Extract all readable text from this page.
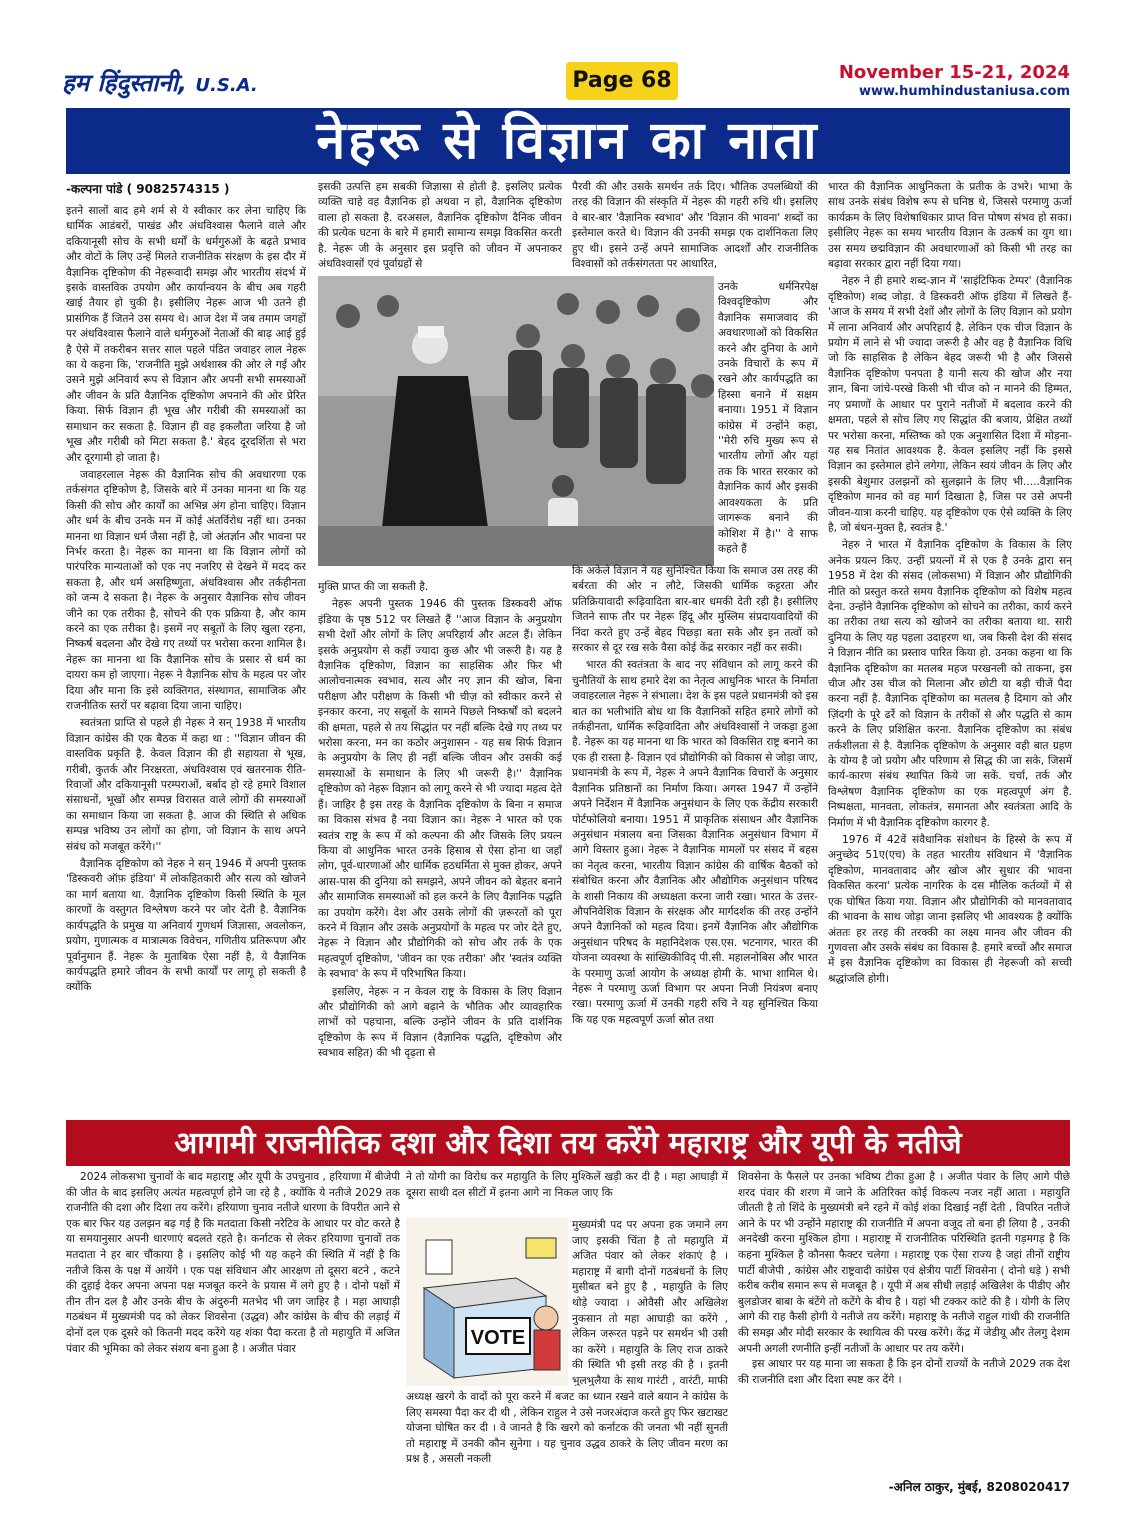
हम हिंदुस्तानी, U.S.A.	Page 68	November 15-21, 2024
www.humhindustaniusa.com
नेहरू से विज्ञान का नाता
-कल्पना पांडे ( 9082574315 )

इतने सालों बाद हमे शर्म से ये स्वीकार कर लेना चाहिए कि धार्मिक आडंबरों, पाखंड और अंधविश्वास फैलाने वाले और दकियानूसी सोच के सभी धर्मों के धर्मगुरुओं के बढ़ते प्रभाव और वोटों के लिए उन्हें मिलते राजनीतिक संरक्षण के इस दौर में वैज्ञानिक दृष्टिकोण की नेहरूवादी समझ और भारतीय संदर्भ में इसके वास्तविक उपयोग और कार्यान्वयन के बीच अब गहरी खाई तैयार हो चुकी है। इसीलिए नेहरू आज भी उतने ही प्रासंगिक हैं जितने उस समय थे। आज देश में जब तमाम जगहों पर अंधविश्वास फैलाने वाले धर्मगुरुओं नेताओं की बाढ़ आई हुई है ऐसे में तकरीबन सत्तर साल पहले पंडित जवाहर लाल नेहरू का ये कहना कि, 'राजनीति मुझे अर्थशास्त्र की ओर ले गई और उसने मुझे अनिवार्य रूप से विज्ञान और अपनी सभी समस्याओं और जीवन के प्रति वैज्ञानिक दृष्टिकोण अपनाने की ओर प्रेरित किया. सिर्फ विज्ञान ही भूख और गरीबी की समस्याओं का समाधान कर सकता है. विज्ञान ही वह इकलौता जरिया है जो भूख और गरीबी को मिटा सकता है.' बेहद दूरदर्शिता से भरा और दूरगामी हो जाता है।

जवाहरलाल नेहरू की वैज्ञानिक सोच की अवधारणा एक तर्कसंगत दृष्टिकोण है, जिसके बारे में उनका मानना था कि यह किसी की सोच और कार्यों का अभिन्न अंग होना चाहिए। विज्ञान और धर्म के बीच उनके मन में कोई अंतर्विरोध नहीं था। उनका मानना था विज्ञान धर्म जैसा नहीं है, जो अंतर्ज्ञान और भावना पर निर्भर करता है। नेहरू का मानना था कि विज्ञान लोगों को पारंपरिक मान्यताओं को एक नए नजरिए से देखने में मदद कर सकता है, और धर्म असहिष्णुता, अंधविश्वास और तर्कहीनता को जन्म दे सकता है। नेहरू के अनुसार वैज्ञानिक सोच जीवन जीने का एक तरीका है, सोचने की एक प्रक्रिया है, और काम करने का एक तरीका है। इसमें नए सबूतों के लिए खुला रहना, निष्कर्ष बदलना और देखे गए तथ्यों पर भरोसा करना शामिल है। नेहरू का मानना था कि वैज्ञानिक सोच के प्रसार से धर्म का दायरा कम हो जाएगा। नेहरू ने वैज्ञानिक सोच के महत्व पर जोर दिया और माना कि इसे व्यक्तिगत, संस्थागत, सामाजिक और राजनीतिक स्तरों पर बढ़ावा दिया जाना चाहिए।

स्वतंत्रता प्राप्ति से पहले ही नेहरू ने सन् 1938 में भारतीय विज्ञान कांग्रेस की एक बैठक में कहा था : ''विज्ञान जीवन की वास्तविक प्रकृति है. केवल विज्ञान की ही सहायता से भूख, गरीबी, कुतर्क और निरक्षरता, अंधविश्वास एवं खतरनाक रीति-रिवाजों और दकियानूसी परम्पराओं, बर्बाद हो रहे हमारे विशाल संसाधनों, भूखों और सम्पन्न विरासत वाले लोगों की समस्याओं का समाधान किया जा सकता है. आज की स्थिति से अधिक सम्पन्न भविष्य उन लोगों का होगा, जो विज्ञान के साथ अपने संबंध को मजबूत करेंगे।''

वैज्ञानिक दृष्टिकोण को नेहरु ने सन् 1946 में अपनी पुस्तक 'डिस्कवरी ऑफ़ इंडिया' में लोकहितकारी और सत्य को खोजने का मार्ग बताया था. वैज्ञानिक दृष्टिकोण किसी स्थिति के मूल कारणों के वस्तुगत विश्लेषण करने पर जोर देती है. वैज्ञानिक कार्यपद्धति के प्रमुख या अनिवार्य गुणधर्म जिज्ञासा, अवलोकन, प्रयोग, गुणात्मक व मात्रात्मक विवेचन, गणितीय प्रतिरूपण और पूर्वानुमान हैं. नेहरू के मुताबिक ऐसा नहीं है, ये वैज्ञानिक कार्यपद्धति हमारे जीवन के सभी कार्यों पर लागू हो सकती है क्योंकि

इसकी उत्पत्ति हम सबकी जिज्ञासा से होती है. इसलिए प्रत्येक व्यक्ति चाहे वह वैज्ञानिक हो अथवा न हो, वैज्ञानिक दृष्टिकोण वाला हो सकता है. दरअसल, वैज्ञानिक दृष्टिकोण दैनिक जीवन की प्रत्येक घटना के बारे में हमारी सामान्य समझ विकसित करती है. नेहरू जी के अनुसार इस प्रवृत्ति को जीवन में अपनाकर अंधविश्वासों एवं पूर्वाग्रहों से

मुक्ति प्राप्त की जा सकती है.

नेहरू अपनी पुस्तक 1946 की पुस्तक डिस्कवरी ऑफ इंडिया के पृष्ठ 512 पर लिखते हैं ''आज विज्ञान के अनुप्रयोग सभी देशों और लोगों के लिए अपरिहार्य और अटल हैं। लेकिन इसके अनुप्रयोग से कहीं ज्यादा कुछ और भी जरूरी है। यह है वैज्ञानिक दृष्टिकोण, विज्ञान का साहसिक और फिर भी आलोचनात्मक स्वभाव, सत्य और नए ज्ञान की खोज, बिना परीक्षण और परीक्षण के किसी भी चीज़ को स्वीकार करने से इनकार करना, नए सबूतों के सामने पिछले निष्कर्षों को बदलने की क्षमता, पहले से तय सिद्धांत पर नहीं बल्कि देखे गए तथ्य पर भरोसा करना, मन का कठोर अनुशासन - यह सब सिर्फ विज्ञान के अनुप्रयोग के लिए ही नहीं बल्कि जीवन और उसकी कई समस्याओं के समाधान के लिए भी जरूरी है।'' वैज्ञानिक दृष्टिकोण को नेहरू विज्ञान को लागू करने से भी ज्यादा महत्व देते हैं। जाहिर है इस तरह के वैज्ञानिक दृष्टिकोण के बिना न समाज का विकास संभव है नया विज्ञान का। नेहरू ने भारत को एक स्वतंत्र राष्ट्र के रूप में को कल्पना की और जिसके लिए प्रयत्न किया वो आधुनिक भारत उनके हिसाब से ऐसा होना था जहाँ लोग, पूर्व-धारणाओं और धार्मिक हठधर्मिता से मुक्त होकर, अपने आस-पास की दुनिया को समझने, अपने जीवन को बेहतर बनाने और सामाजिक समस्याओं को हल करने के लिए वैज्ञानिक पद्धति का उपयोग करेंगे। देश और उसके लोगों की ज़रूरतों को पूरा करने में विज्ञान और उसके अनुप्रयोगों के महत्व पर जोर देते हुए, नेहरू ने विज्ञान और प्रौद्योगिकी को सोच और तर्क के एक महत्वपूर्ण दृष्टिकोण, 'जीवन का एक तरीका' और 'स्वतंत्र व्यक्ति के स्वभाव' के रूप में परिभाषित किया।

इसलिए, नेहरू न न केवल राष्ट्र के विकास के लिए विज्ञान और प्रौद्योगिकी को आगे बढ़ाने के भौतिक और व्यावहारिक लाभों को पहचाना, बल्कि उन्होंने जीवन के प्रति दार्शनिक दृष्टिकोण के रूप में विज्ञान (वैज्ञानिक पद्धति, दृष्टिकोण और स्वभाव सहित) की भी दृढ़ता से

पैरवी की और उसके समर्थन तर्क दिए। भौतिक उपलब्धियों की तरह की विज्ञान की संस्कृति में नेहरू की गहरी रुचि थी। इसलिए वे बार-बार 'वैज्ञानिक स्वभाव' और 'विज्ञान की भावना' शब्दों का इस्तेमाल करते थे। विज्ञान की उनकी समझ एक दार्शनिकता लिए हुए थी। इसने उन्हें अपने सामाजिक आदर्शों और राजनीतिक विश्वासों को तर्कसंगतता पर आधारित,

उनके धर्मनिरपेक्ष विश्वदृष्टिकोण और वैज्ञानिक समाजवाद की अवधारणाओं को विकसित करने और दुनिया के आगे उनके विचारों के रूप में रखने और कार्यपद्धति का हिस्सा बनाने में सक्षम बनाया। 1951 में विज्ञान कांग्रेस में उन्होंने कहा, ''मेरी रुचि मुख्य रूप से भारतीय लोगों और यहां तक कि भारत सरकार को वैज्ञानिक कार्य और इसकी आवश्यकता के प्रति जागरूक बनाने की कोशिश में है।'' वे साफ कहते हैं

कि अकेले विज्ञान ने यह सुनिश्चित किया कि समाज उस तरह की बर्बरता की ओर न लौटे, जिसकी धार्मिक कट्टरता और प्रतिक्रियावादी रूढ़िवादिता बार-बार धमकी देती रही है। इसीलिए जितने साफ तौर पर नेहरू हिंदू और मुस्लिम संप्रदायवादियों की निंदा करते हुए उन्हें बेहद पिछड़ा बता सके और इन तत्वों को सरकार से दूर रख सके वैसा कोई केंद्र सरकार नहीं कर सकी।

भारत की स्वतंत्रता के बाद नए संविधान को लागू करने की चुनौतियों के साथ हमारे देश का नेतृत्व आधुनिक भारत के निर्माता जवाहरलाल नेहरू ने संभाला। देश के इस पहले प्रधानमंत्री को इस बात का भलीभांति बोध था कि वैज्ञानिकों सहित हमारे लोगों को तर्कहीनता, धार्मिक रूढ़िवादिता और अंधविश्वासों ने जकड़ा हुआ है. नेहरू का यह मानना था कि भारत को विकसित राष्ट्र बनाने का एक ही रास्ता है- विज्ञान एवं प्रौद्योगिकी को विकास से जोड़ा जाए, प्रधानमंत्री के रूप में, नेहरू ने अपने वैज्ञानिक विचारों के अनुसार वैज्ञानिक प्रतिष्ठानों का निर्माण किया। अगस्त 1947 में उन्होंने अपने निर्देशन में वैज्ञानिक अनुसंधान के लिए एक केंद्रीय सरकारी पोर्टफोलियो बनाया। 1951 में प्राकृतिक संसाधन और वैज्ञानिक अनुसंधान मंत्रालय बना जिसका वैज्ञानिक अनुसंधान विभाग में आगे विस्तार हुआ। नेहरू ने वैज्ञानिक मामलों पर संसद में बहस का नेतृत्व करना, भारतीय विज्ञान कांग्रेस की वार्षिक बैठकों को संबोधित करना और वैज्ञानिक और औद्योगिक अनुसंधान परिषद के शासी निकाय की अध्यक्षता करना जारी रखा। भारत के उत्तर-औपनिवेशिक विज्ञान के संरक्षक और मार्गदर्शक की तरह उन्होंने अपने वैज्ञानिकों को महत्व दिया। इनमें वैज्ञानिक और औद्योगिक अनुसंधान परिषद के महानिदेशक एस.एस. भटनागर, भारत की योजना व्यवस्था के सांख्यिकीविद् पी.सी. महालनोबिस और भारत के परमाणु ऊर्जा आयोग के अध्यक्ष होमी के. भाभा शामिल थे। नेहरू ने परमाणु ऊर्जा विभाग पर अपना निजी नियंत्रण बनाए रखा। परमाणु ऊर्जा में उनकी गहरी रुचि ने यह सुनिश्चित किया कि यह एक महत्वपूर्ण ऊर्जा स्रोत तथा

भारत की वैज्ञानिक आधुनिकता के प्रतीक के उभरे। भाभा के साथ उनके संबंध विशेष रूप से घनिष्ठ थे, जिससे परमाणु ऊर्जा कार्यक्रम के लिए विशेषाधिकार प्राप्त वित्त पोषण संभव हो सका। इसीलिए नेहरू का समय भारतीय विज्ञान के उत्कर्ष का युग था। उस समय छद्मविज्ञान की अवधारणाओं को किसी भी तरह का बढ़ावा सरकार द्वारा नहीं दिया गया।

नेहरु ने ही हमारे शब्द-ज्ञान में 'साइंटिफिक टेम्पर' (वैज्ञानिक दृष्टिकोण) शब्द जोड़ा. वे डिस्कवरी ऑफ इंडिया में लिखते हैं- 'आज के समय में सभी देशों और लोगों के लिए विज्ञान को प्रयोग में लाना अनिवार्य और अपरिहार्य है. लेकिन एक चीज विज्ञान के प्रयोग में लाने से भी ज्यादा जरूरी है और वह है वैज्ञानिक विधि जो कि साहसिक है लेकिन बेहद जरूरी भी है और जिससे वैज्ञानिक दृष्टिकोण पनपता है यानी सत्य की खोज और नया ज्ञान, बिना जांचे-परखे किसी भी चीज को न मानने की हिम्मत, नए प्रमाणों के आधार पर पुराने नतीजों में बदलाव करने की क्षमता, पहले से सोच लिए गए सिद्धांत की बजाय, प्रेक्षित तथ्यों पर भरोसा करना, मस्तिष्क को एक अनुशासित दिशा में मोड़ना- यह सब नितांत आवश्यक है. केवल इसलिए नहीं कि इससे विज्ञान का इस्तेमाल होने लगेगा, लेकिन स्वयं जीवन के लिए और इसकी बेशुमार उलझनों को सुलझाने के लिए भी.....वैज्ञानिक दृष्टिकोण मानव को वह मार्ग दिखाता है, जिस पर उसे अपनी जीवन-यात्रा करनी चाहिए. यह दृष्टिकोण एक ऐसे व्यक्ति के लिए है, जो बंधन-मुक्त है, स्वतंत्र है.'

नेहरु ने भारत में वैज्ञानिक दृष्टिकोण के विकास के लिए अनेक प्रयत्न किए. उन्हीं प्रयत्नों में से एक है उनके द्वारा सन् 1958 में देश की संसद (लोकसभा) में विज्ञान और प्रौद्योगिकी नीति को प्रस्तुत करते समय वैज्ञानिक दृष्टिकोण को विशेष महत्व देना. उन्होंने वैज्ञानिक दृष्टिकोण को सोचने का तरीका, कार्य करने का तरीका तथा सत्य को खोजने का तरीका बताया था. सारी दुनिया के लिए यह पहला उदाहरण था, जब किसी देश की संसद ने विज्ञान नीति का प्रस्ताव पारित किया हो. उनका कहना था कि वैज्ञानिक दृष्टिकोण का मतलब महज परखनली को ताकना, इस चीज और उस चीज को मिलाना और छोटी या बड़ी चीजें पैदा करना नहीं है. वैज्ञानिक दृष्टिकोण का मतलब है दिमाग को और ज़िंदगी के पूरे ढर्रे को विज्ञान के तरीकों से और पद्धति से काम करने के लिए प्रशिक्षित करना. वैज्ञानिक दृष्टिकोण का संबंध तर्कशीलता से है. वैज्ञानिक दृष्टिकोण के अनुसार वही बात ग्रहण के योग्य है जो प्रयोग और परिणाम से सिद्ध की जा सके, जिसमें कार्य-कारण संबंध स्थापित किये जा सकें. चर्चा, तर्क और विश्लेषण वैज्ञानिक दृष्टिकोण का एक महत्वपूर्ण अंग है. निष्पक्षता, मानवता, लोकतंत्र, समानता और स्वतंत्रता आदि के निर्माण में भी वैज्ञानिक दृष्टिकोण कारगर है.

1976 में 42वें संवैधानिक संशोधन के हिस्से के रूप में अनुच्छेद 51ए(एच) के तहत भारतीय संविधान में 'वैज्ञानिक दृष्टिकोण, मानवतावाद और खोज और सुधार की भावना विकसित करना' प्रत्येक नागरिक के दस मौलिक कर्तव्यों में से एक घोषित किया गया. विज्ञान और प्रौद्योगिकी को मानवतावाद की भावना के साथ जोड़ा जाना इसलिए भी आवश्यक है क्योंकि अंततः हर तरह की तरक्की का लक्ष्य मानव और जीवन की गुणवत्ता और उसके संबंध का विकास है. हमारे बच्चों और समाज में इस वैज्ञानिक दृष्टिकोण का विकास ही नेहरूजी को सच्ची श्रद्धांजलि होगी।

आगामी राजनीतिक दशा और दिशा तय करेंगे महाराष्ट्र और यूपी के नतीजे

2024 लोकसभा चुनावों के बाद महाराष्ट्र और यूपी के उपचुनाव , हरियाणा में बीजेपी की जीत के बाद इसलिए अत्यंत महत्वपूर्ण होने जा रहे है , क्योंकि ये नतीजे 2029 तक राजनीति की दशा और दिशा तय करेंगे। हरियाणा चुनाव नतीजे धारणा के विपरीत आने से एक बार फिर यह उलझन बढ़ गई है कि मतदाता किसी नरेटिव के आधार पर वोट करते है या समयानुसार अपनी धारणाएं बदलते रहते है। कर्नाटक से लेकर हरियाणा चुनावों तक मतदाता ने हर बार चौंकाया है । इसलिए कोई भी यह कहने की स्थिति में नहीं है कि नतीजे किस के पक्ष में आयेंगे । एक पक्ष संविधान और आरक्षण तो दूसरा बटने , कटने की दुहाई देकर अपना अपना पक्ष मजबूत करने के प्रयास में लगे हुए है । दोनो पक्षों में तीन तीन दल है और उनके बीच के अंदुरुनी मतभेद भी जग जाहिर है । महा आघाड़ी गठबंधन में मुख्यमंत्री पद को लेकर शिवसेना (उद्धव) और कांग्रेस के बीच की लड़ाई में दोनों दल एक दूसरे को कितनी मदद करेंगे यह शंका पैदा करता है तो महायुति में अजित पंवार की भूमिका को लेकर संशय बना हुआ है । अजीत पंवार

ने तो योगी का विरोध कर महायुति के लिए मुश्किलें खड़ी कर दी है । महा आघाड़ी में दूसरा साथी दल सीटों में इतना आगे ना निकल जाए कि

VOTE

मुख्यमंत्री पद पर अपना हक जमाने लग जाए इसकी चिंता है तो महायुति में अजित पंवार को लेकर शंकाएं है । महाराष्ट्र में बागी दोनों गठबंधनों के लिए मुसीबत बने हुए है , महायुति के लिए थोड़े ज्यादा । ओवैसी और अखिलेश नुकसान तो महा आघाड़ी का करेंगे , लेकिन जरूरत पड़ने पर समर्थन भी उसी का करेंगे । महायुति के लिए राज ठाकरे की स्थिति भी इसी तरह की है । इतनी भुलभुलैया के साथ गारंटी , वारंटी, माफी

अध्यक्ष खरगे के वादों को पूरा करने में बजट का ध्यान रखने वाले बयान ने कांग्रेस के लिए समस्या पैदा कर दी थी , लेकिन राहुल ने उसे नजरअंदाज करते हुए फिर खटाखट योजना घोषित कर दी । वे जानते है कि खरगे को कर्नाटक की जनता भी नहीं सुनती तो महाराष्ट्र में उनकी कौन सुनेगा । यह चुनाव उद्धव ठाकरे के लिए जीवन मरण का प्रश्न है , असली नकली

शिवसेना के फैसले पर उनका भविष्य टीका हुआ है । अजीत पंवार के लिए आगे पीछे शरद पंवार की शरण में जाने के अतिरिक्त कोई विकल्प नजर नहीं आता । महायुति जीतती है तो शिंदे के मुख्यमंत्री बने रहने में कोई शंका दिखाई नहीं देती , विपरित नतीजे आने के पर भी उन्होंने महाराष्ट्र की राजनीति में अपना वजूद तो बना ही लिया है , उनकी अनदेखी करना मुश्किल होगा । महाराष्ट्र में राजनीतिक परिस्थिति इतनी गड़मगड़ है कि कहना मुश्किल है कौनसा फैक्टर चलेगा । महाराष्ट्र एक ऐसा राज्य है जहां तीनों राष्ट्रीय पार्टी बीजेपी , कांग्रेस और राष्ट्रवादी कांग्रेस एवं क्षेत्रीय पार्टी शिवसेना ( दोनो धड़े ) सभी करीब करीब समान रूप से मजबूत है । यूपी में अब सीधी लड़ाई अखिलेश के पीडीए और बुलडोजर बाबा के बंटेंगे तो कटेंगे के बीच है । यहां भी टक्कर कांटे की है । योगी के लिए आगे की राह कैसी होगी ये नतीजे तय करेंगे। महाराष्ट्र के नतीजे राहुल गांधी की राजनीति की समझ और मोदी सरकार के स्थायित्व की परख करेंगे। केंद्र में जेडीयू और तेलगु देशम अपनी अगली रणनीति इन्हीं नतीजों के आधार पर तय करेंगे।

इस आधार पर यह माना जा सकता है कि इन दोनों राज्यों के नतीजे 2029 तक देश की राजनीति दशा और दिशा स्पष्ट कर देंगे ।

-अनिल ठाकुर, मुंबई, 8208020417
